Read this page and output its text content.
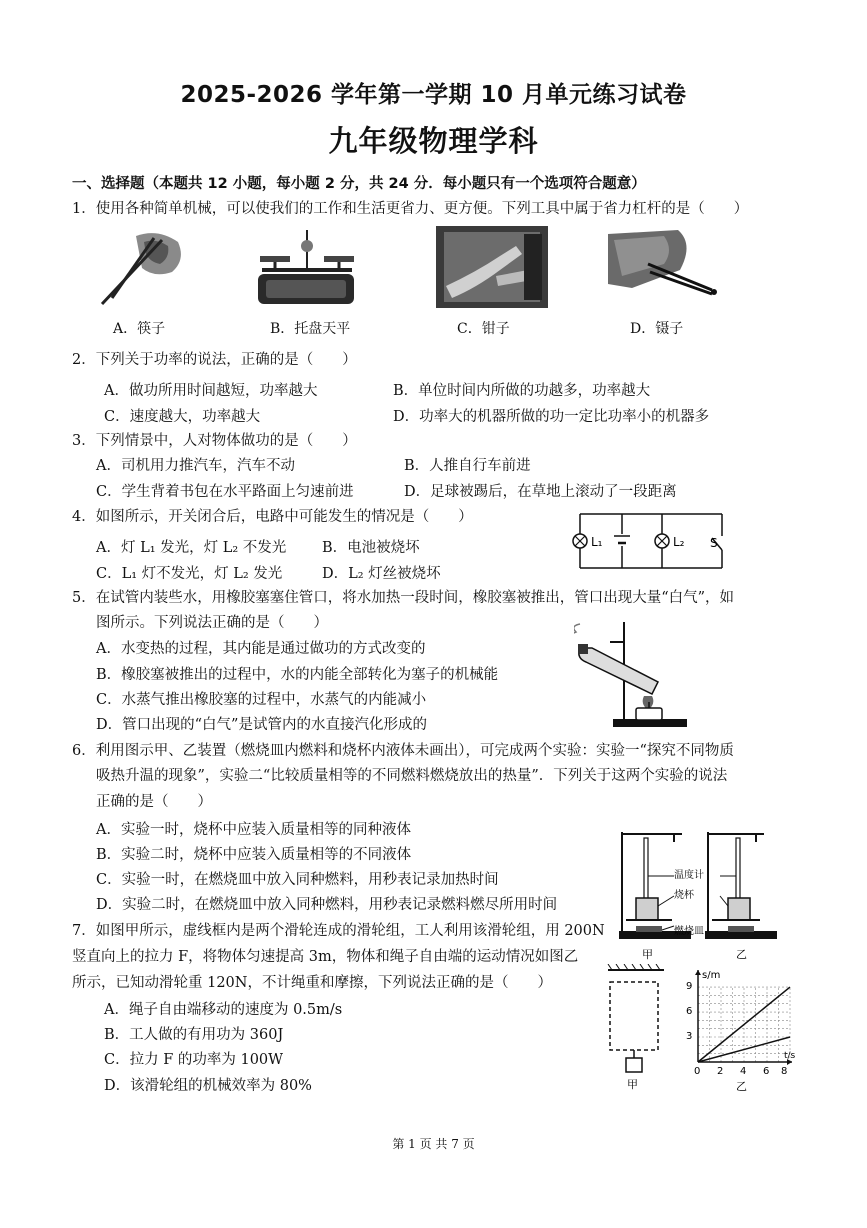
2025-2026 学年第一学期 10 月单元练习试卷
九年级物理学科
一、选择题（本题共 12 小题，每小题 2 分，共 24 分．每小题只有一个选项符合题意）
1．使用各种简单机械，可以使我们的工作和生活更省力、更方便。下列工具中属于省力杠杆的是（　　）
A．筷子	B．托盘天平	C．钳子	D．镊子
2．下列关于功率的说法，正确的是（　　）
A．做功所用时间越短，功率越大	B．单位时间内所做的功越多，功率越大
C．速度越大，功率越大	D．功率大的机器所做的功一定比功率小的机器多
3．下列情景中，人对物体做功的是（　　）
A．司机用力推汽车，汽车不动	B．人推自行车前进
C．学生背着书包在水平路面上匀速前进	D．足球被踢后，在草地上滚动了一段距离
4．如图所示，开关闭合后，电路中可能发生的情况是（　　）
A．灯 L₁ 发光，灯 L₂ 不发光 B．电池被烧坏
C．L₁ 灯不发光，灯 L₂ 发光	D．L₂ 灯丝被烧坏
L₁	L₂ S
5．在试管内装些水，用橡胶塞塞住管口，将水加热一段时间，橡胶塞被推出，管口出现大量“白气”，如
图所示。下列说法正确的是（　　）
A．水变热的过程，其内能是通过做功的方式改变的
B．橡胶塞被推出的过程中，水的内能全部转化为塞子的机械能
C．水蒸气推出橡胶塞的过程中，水蒸气的内能减小
D．管口出现的“白气”是试管内的水直接汽化形成的
6．利用图示甲、乙装置（燃烧皿内燃料和烧杯内液体未画出），可完成两个实验：实验一“探究不同物质
吸热升温的现象”，实验二“比较质量相等的不同燃料燃烧放出的热量”．下列关于这两个实验的说法
正确的是（　　）
A．实验一时，烧杯中应装入质量相等的同种液体
B．实验二时，烧杯中应装入质量相等的不同液体
C．实验一时，在燃烧皿中放入同种燃料，用秒表记录加热时间
D．实验二时，在燃烧皿中放入同种燃料，用秒表记录燃料燃尽所用时间
温度计
烧杯
燃烧皿
甲	乙
7．如图甲所示，虚线框内是两个滑轮连成的滑轮组，工人利用该滑轮组，用 200N
竖直向上的拉力 F，将物体匀速提高 3m，物体和绳子自由端的运动情况如图乙
所示，已知动滑轮重 120N，不计绳重和摩擦，下列说法正确的是（　　）
A．绳子自由端移动的速度为 0.5m/s
B．工人做的有用功为 360J
C．拉力 F 的功率为 100W
D．该滑轮组的机械效率为 80%	甲
s/m
t/s
9
6
3
0 2 4 6 8
乙
第 1 页 共 7 页
